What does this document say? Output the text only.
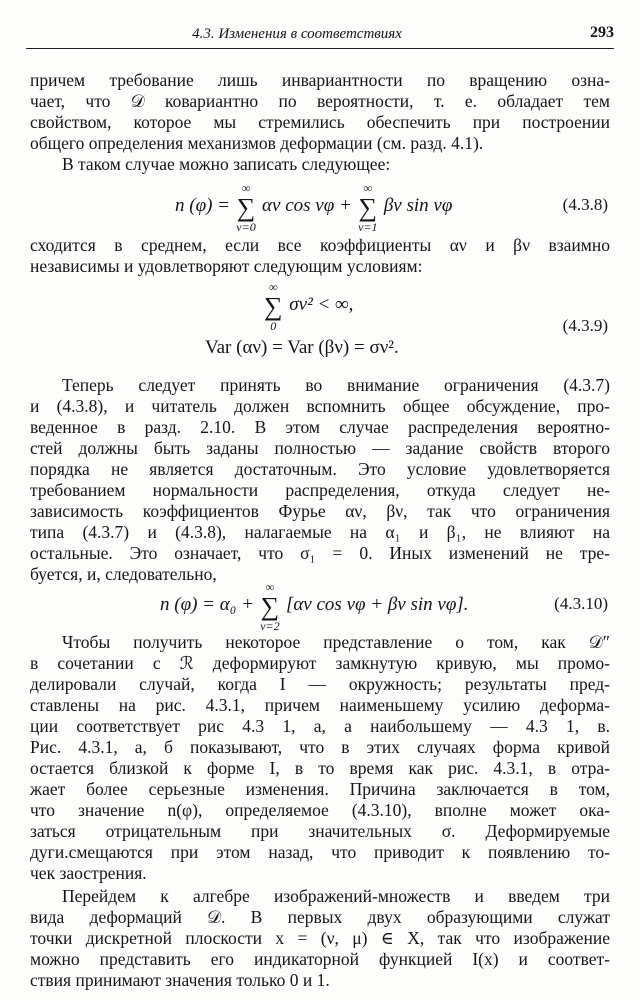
4.3. Изменения в соответствиях	293
причем требование лишь инвариантности по вращению озна-
чает, что 𝒟 ковариантно по вероятности, т. е. обладает тем
свойством, которое мы стремились обеспечить при построении
общего определения механизмов деформации (см. разд. 4.1).
В таком случае можно записать следующее:
n (φ) = ∑
∞
ν=0
αν cos νφ + ∑
∞
ν=1
βν sin νφ	(4.3.8)
сходится в среднем, если все коэффициенты αν и βν взаимно
независимы и удовлетворяют следующим условиям:
∑
∞
0
σν² < ∞,
Var (αν) = Var (βν) = σν².
(4.3.9)
Теперь следует принять во внимание ограничения (4.3.7)
и (4.3.8), и читатель должен вспомнить общее обсуждение, про-
веденное в разд. 2.10. В этом случае распределения вероятно-
стей должны быть заданы полностью — задание свойств второго
порядка не является достаточным. Это условие удовлетворяется
требованием нормальности распределения, откуда следует не-
зависимость коэффициентов Фурье αν, βν, так что ограничения
типа (4.3.7) и (4.3.8), налагаемые на α₁ и β₁, не влияют на
остальные. Это означает, что σ₁ = 0. Иных изменений не тре-
буется, и, следовательно,
n (φ) = α₀ + ∑
∞
ν=2
[αν cos νφ + βν sin νφ].	(4.3.10)
Чтобы получить некоторое представление о том, как 𝒟″
в сочетании с ℛ деформируют замкнутую кривую, мы промо-
делировали случай, когда I — окружность; результаты пред-
ставлены на рис. 4.3.1, причем наименьшему усилию деформа-
ции соответствует рис 4.3 1, a, а наибольшему — 4.3 1, в.
Рис. 4.3.1, a, б показывают, что в этих случаях форма кривой
остается близкой к форме I, в то время как рис. 4.3.1, в отра-
жает более серьезные изменения. Причина заключается в том,
что значение n(φ), определяемое (4.3.10), вполне может ока-
заться отрицательным при значительных σ. Деформируемые
дуги.смещаются при этом назад, что приводит к появлению то-
чек заострения.
Перейдем к алгебре изображений-множеств и введем три
вида деформаций 𝒟. В первых двух образующими служат
точки дискретной плоскости x = (ν, μ) ∈ X, так что изображение
можно представить его индикаторной функцией I(x) и соответ-
ствия принимают значения только 0 и 1.
